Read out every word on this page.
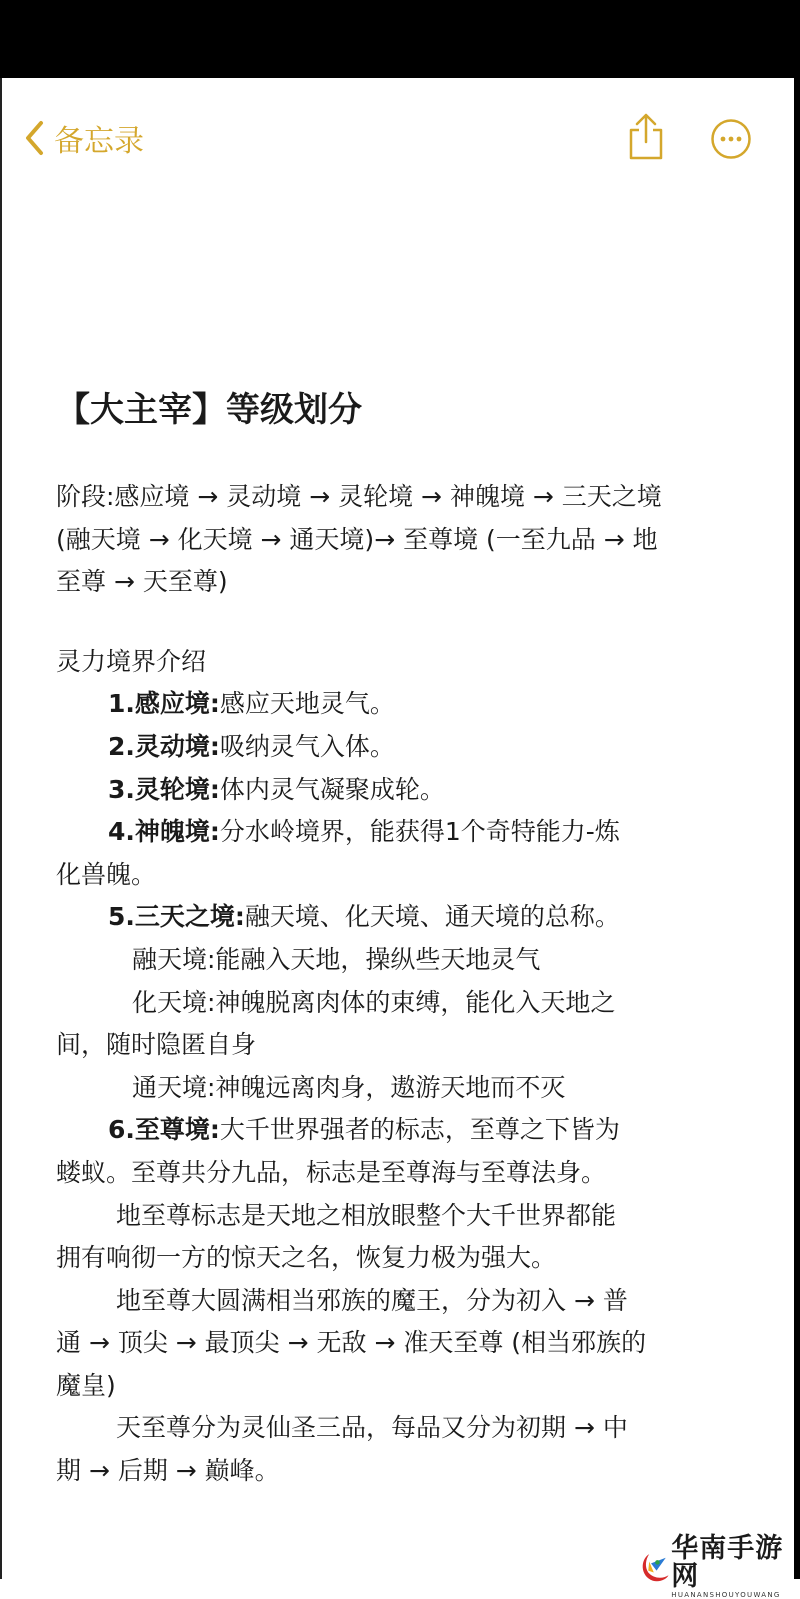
备忘录
【大主宰】等级划分
阶段:感应境 → 灵动境 → 灵轮境 → 神魄境 → 三天之境
(融天境 → 化天境 → 通天境)→ 至尊境 (一至九品 → 地
至尊 → 天至尊)
灵力境界介绍
1.感应境:感应天地灵气。
2.灵动境:吸纳灵气入体。
3.灵轮境:体内灵气凝聚成轮。
4.神魄境:分水岭境界，能获得1个奇特能力-炼
化兽魄。
5.三天之境:融天境、化天境、通天境的总称。
融天境:能融入天地，操纵些天地灵气
化天境:神魄脱离肉体的束缚，能化入天地之
间，随时隐匿自身
通天境:神魄远离肉身，遨游天地而不灭
6.至尊境:大千世界强者的标志，至尊之下皆为
蝼蚁。至尊共分九品，标志是至尊海与至尊法身。
地至尊标志是天地之相放眼整个大千世界都能
拥有响彻一方的惊天之名，恢复力极为强大。
地至尊大圆满相当邪族的魔王，分为初入 → 普
通 → 顶尖 → 最顶尖 → 无敌 → 准天至尊 (相当邪族的
魔皇)
天至尊分为灵仙圣三品，每品又分为初期 → 中
期 → 后期 → 巅峰。
华南手游网
HUANANSHOUYOUWANG
